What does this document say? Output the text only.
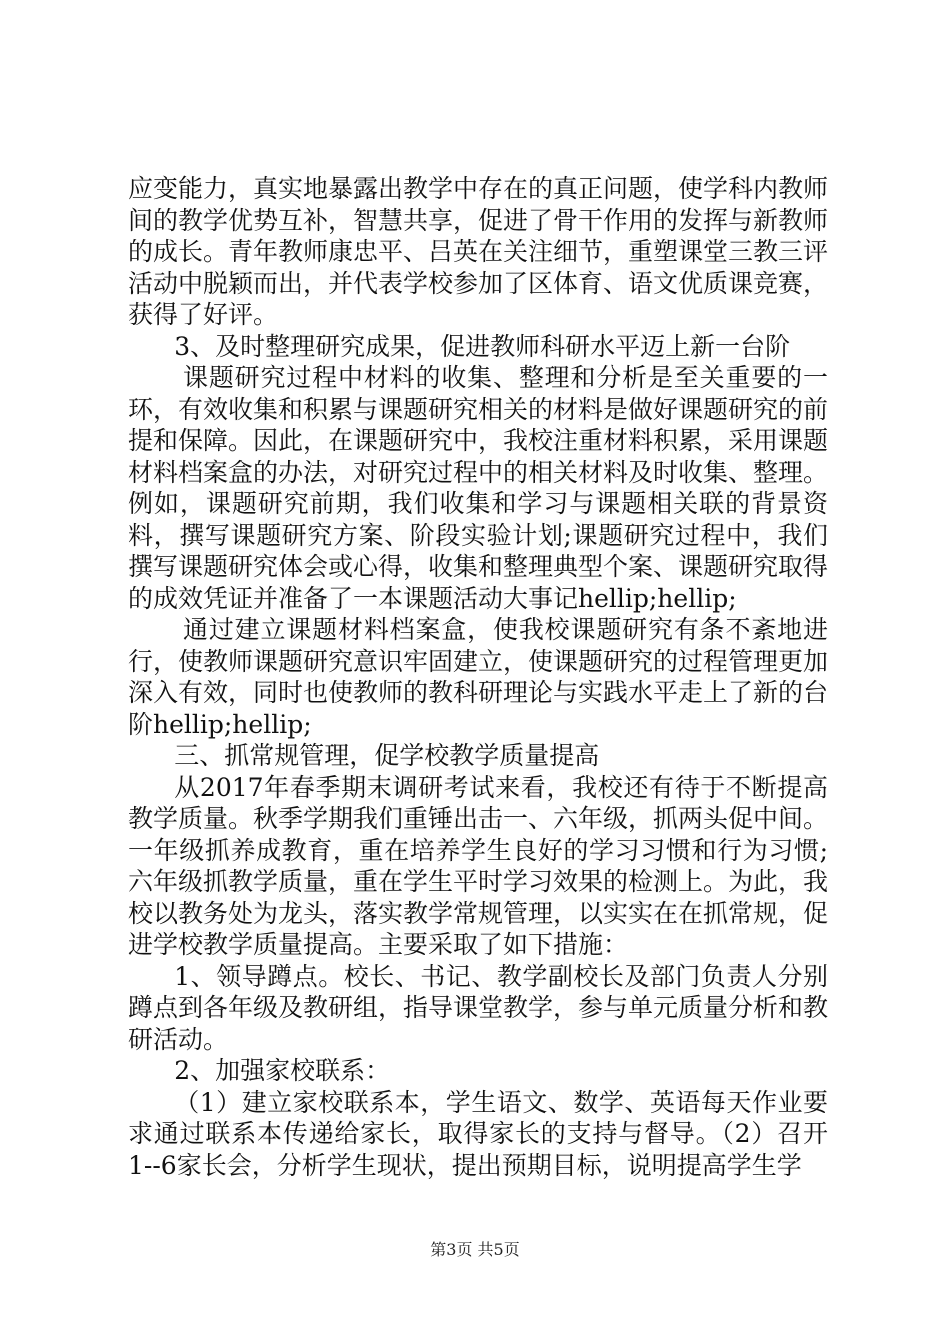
应变能力，真实地暴露出教学中存在的真正问题，使学科内教师间的教学优势互补，智慧共享，促进了骨干作用的发挥与新教师的成长。青年教师康忠平、吕英在关注细节，重塑课堂三教三评活动中脱颖而出，并代表学校参加了区体育、语文优质课竞赛，获得了好评。

3、及时整理研究成果，促进教师科研水平迈上新一台阶

课题研究过程中材料的收集、整理和分析是至关重要的一环，有效收集和积累与课题研究相关的材料是做好课题研究的前提和保障。因此，在课题研究中，我校注重材料积累，采用课题材料档案盒的办法，对研究过程中的相关材料及时收集、整理。例如，课题研究前期，我们收集和学习与课题相关联的背景资料，撰写课题研究方案、阶段实验计划;课题研究过程中，我们撰写课题研究体会或心得，收集和整理典型个案、课题研究取得的成效凭证并准备了一本课题活动大事记hellip;hellip;

通过建立课题材料档案盒，使我校课题研究有条不紊地进行，使教师课题研究意识牢固建立，使课题研究的过程管理更加深入有效，同时也使教师的教科研理论与实践水平走上了新的台阶hellip;hellip;

三、抓常规管理，促学校教学质量提高

从2017年春季期末调研考试来看，我校还有待于不断提高教学质量。秋季学期我们重锤出击一、六年级，抓两头促中间。一年级抓养成教育，重在培养学生良好的学习习惯和行为习惯;六年级抓教学质量，重在学生平时学习效果的检测上。为此，我校以教务处为龙头，落实教学常规管理，以实实在在抓常规，促进学校教学质量提高。主要采取了如下措施：

1、领导蹲点。校长、书记、教学副校长及部门负责人分别蹲点到各年级及教研组，指导课堂教学，参与单元质量分析和教研活动。

2、加强家校联系：

（1）建立家校联系本，学生语文、数学、英语每天作业要求通过联系本传递给家长，取得家长的支持与督导。（2）召开1--6家长会，分析学生现状，提出预期目标，说明提高学生学

第3页 共5页
